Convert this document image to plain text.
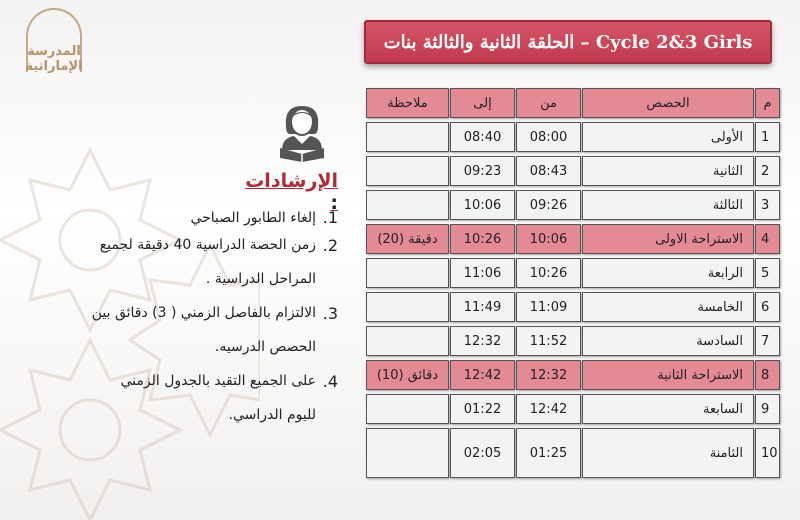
المدرسة
الإماراتية
الحلقة الثانية والثالثة بنات – Cycle 2&3 Girls
ملاحظة	إلى	من	الحصص	م
08:40	08:00	الأولى	1
09:23	08:43	الثانية	2
10:06	09:26	الثالثة	3
(20) دقيقة	10:26	10:06	الاستراحة الاولى	4
11:06	10:26	الرابعة	5
11:49	11:09	الخامسة	6
12:32	11:52	السادسة	7
(10) دقائق	12:42	12:32	الاستراحة الثانية	8
01:22	12:42	السابعة	9
02:05	01:25	الثامنة	10
الإرشادات :
1.
إلغاء الطابور الصباحي
2.
زمن الحصة الدراسية 40 دقيقة لجميع المراحل الدراسية .
3.
الالتزام بالفاصل الزمني ( 3) دقائق بين الحصص الدرسيه.
4.
على الجميع التقيد بالجدول الزمني لليوم الدراسي.
